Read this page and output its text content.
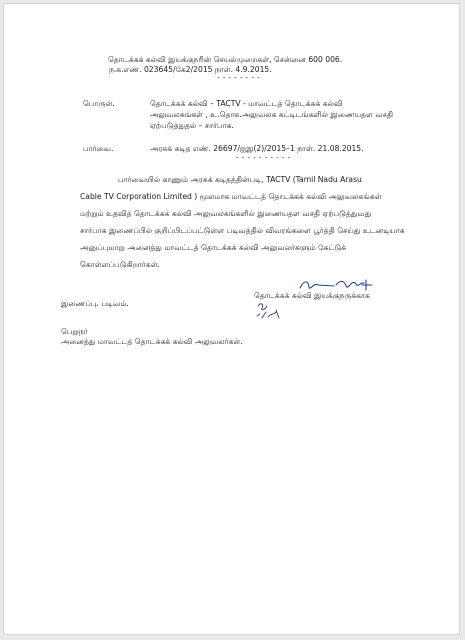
தொடக்கக் கல்வி இயக்குநரின் செயல்முறைகள், சென்னை 600 006.
ந.க.எண். 023645/கே2/2015 நாள். 4.9.2015.
- - - - - - - -
பொருள்.	தொடக்கக் கல்வி – TACTV - மாவட்டத் தொடக்கக் கல்வி
அலுவலகங்கள் , உ.தொக.அலுவலக கட்டிடங்களில் இணையதள வசதி
ஏற்படுத்துதல் – சார்பாக.
பார்வை.	அரசுக் கடித எண். 26697/ஐஇ(2)/2015–1 நாள். 21.08.2015.
- - - - - - - - - -
பார்வையில் காணும் அரசுக் கடிதத்தின்படி, TACTV (Tamil Nadu Arasu
Cable TV Corporation Limited ) மூலமாக மாவட்டத் தொடக்கக் கல்வி அலுவலகங்கள்
மற்றும் உதவித் தொடக்கக் கல்வி அலுவலகங்களில் இணையதள வசதி ஏற்படுத்துவது
சார்பாக இணைப்பில் குறிப்பிடப்பட்டுள்ள படிவத்தில் விவரங்களை பூர்த்தி செய்து உடனடியாக
அனுப்புமாறு அனைத்து மாவட்டத் தொடக்கக் கல்வி அலுவலர்களும் கேட்டுக்
கொள்ளப்படுகிறார்கள்.
தொடக்கக் கல்வி இயக்குநருக்காக
இணைப்பு. படிவம்.
பெறுநர்
அனைத்து மாவட்டத் தொடக்கக் கல்வி அலுவலர்கள்.
